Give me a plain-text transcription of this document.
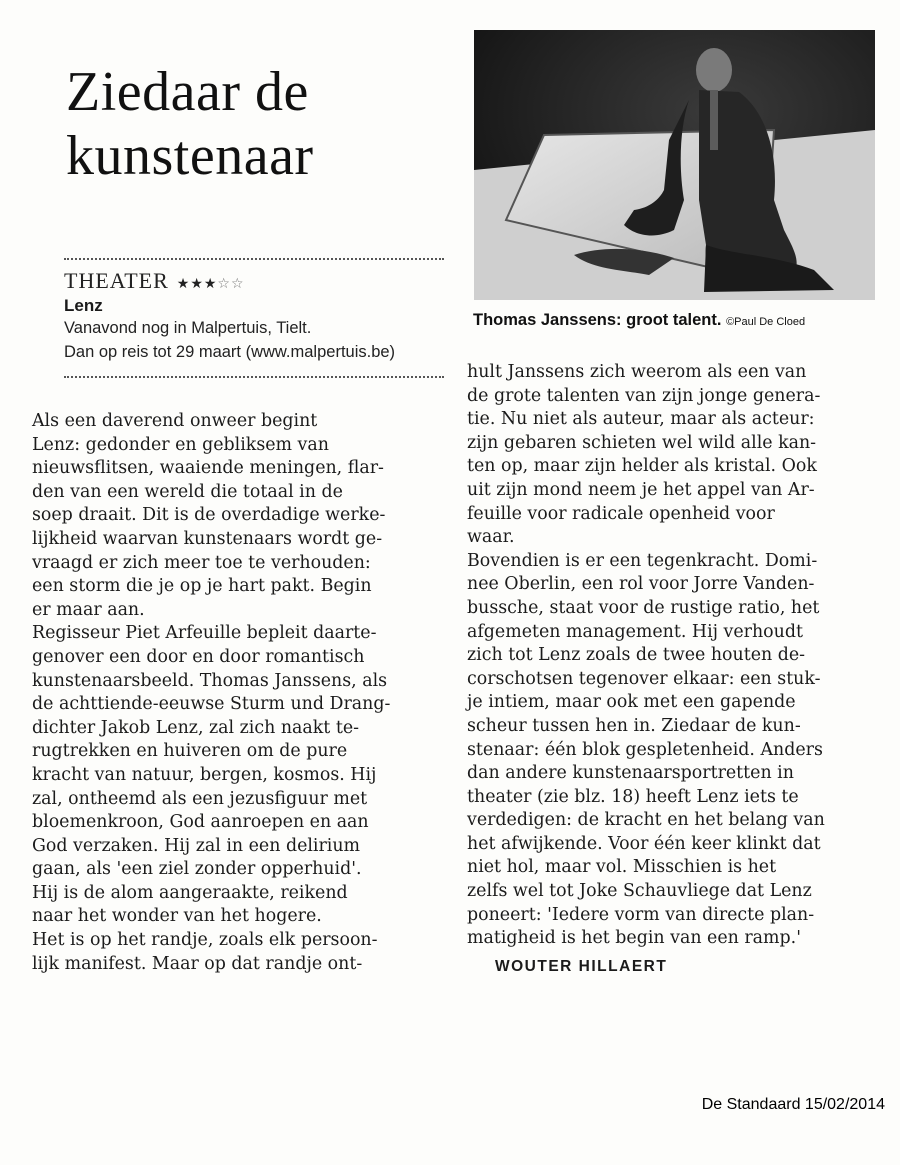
Ziedaar de
kunstenaar
THEATER ★★★☆☆
Lenz
Vanavond nog in Malpertuis, Tielt.
Dan op reis tot 29 maart (www.malpertuis.be)
Thomas Janssens: groot talent. ©Paul De Cloed
Als een daverend onweer begint
Lenz: gedonder en gebliksem van
nieuwsflitsen, waaiende meningen, flar-
den van een wereld die totaal in de
soep draait. Dit is de overdadige werke-
lijkheid waarvan kunstenaars wordt ge-
vraagd er zich meer toe te verhouden:
een storm die je op je hart pakt. Begin
er maar aan.
Regisseur Piet Arfeuille bepleit daarte-
genover een door en door romantisch
kunstenaarsbeeld. Thomas Janssens, als
de achttiende-eeuwse Sturm und Drang-
dichter Jakob Lenz, zal zich naakt te-
rugtrekken en huiveren om de pure
kracht van natuur, bergen, kosmos. Hij
zal, ontheemd als een jezusfiguur met
bloemenkroon, God aanroepen en aan
God verzaken. Hij zal in een delirium
gaan, als 'een ziel zonder opperhuid'.
Hij is de alom aangeraakte, reikend
naar het wonder van het hogere.
Het is op het randje, zoals elk persoon-
lijk manifest. Maar op dat randje ont-
hult Janssens zich weerom als een van
de grote talenten van zijn jonge genera-
tie. Nu niet als auteur, maar als acteur:
zijn gebaren schieten wel wild alle kan-
ten op, maar zijn helder als kristal. Ook
uit zijn mond neem je het appel van Ar-
feuille voor radicale openheid voor
waar.
Bovendien is er een tegenkracht. Domi-
nee Oberlin, een rol voor Jorre Vanden-
bussche, staat voor de rustige ratio, het
afgemeten management. Hij verhoudt
zich tot Lenz zoals de twee houten de-
corschotsen tegenover elkaar: een stuk-
je intiem, maar ook met een gapende
scheur tussen hen in. Ziedaar de kun-
stenaar: één blok gespletenheid. Anders
dan andere kunstenaarsportretten in
theater (zie blz. 18) heeft Lenz iets te
verdedigen: de kracht en het belang van
het afwijkende. Voor één keer klinkt dat
niet hol, maar vol. Misschien is het
zelfs wel tot Joke Schauvliege dat Lenz
poneert: 'Iedere vorm van directe plan-
matigheid is het begin van een ramp.'
WOUTER HILLAERT
De Standaard 15/02/2014
